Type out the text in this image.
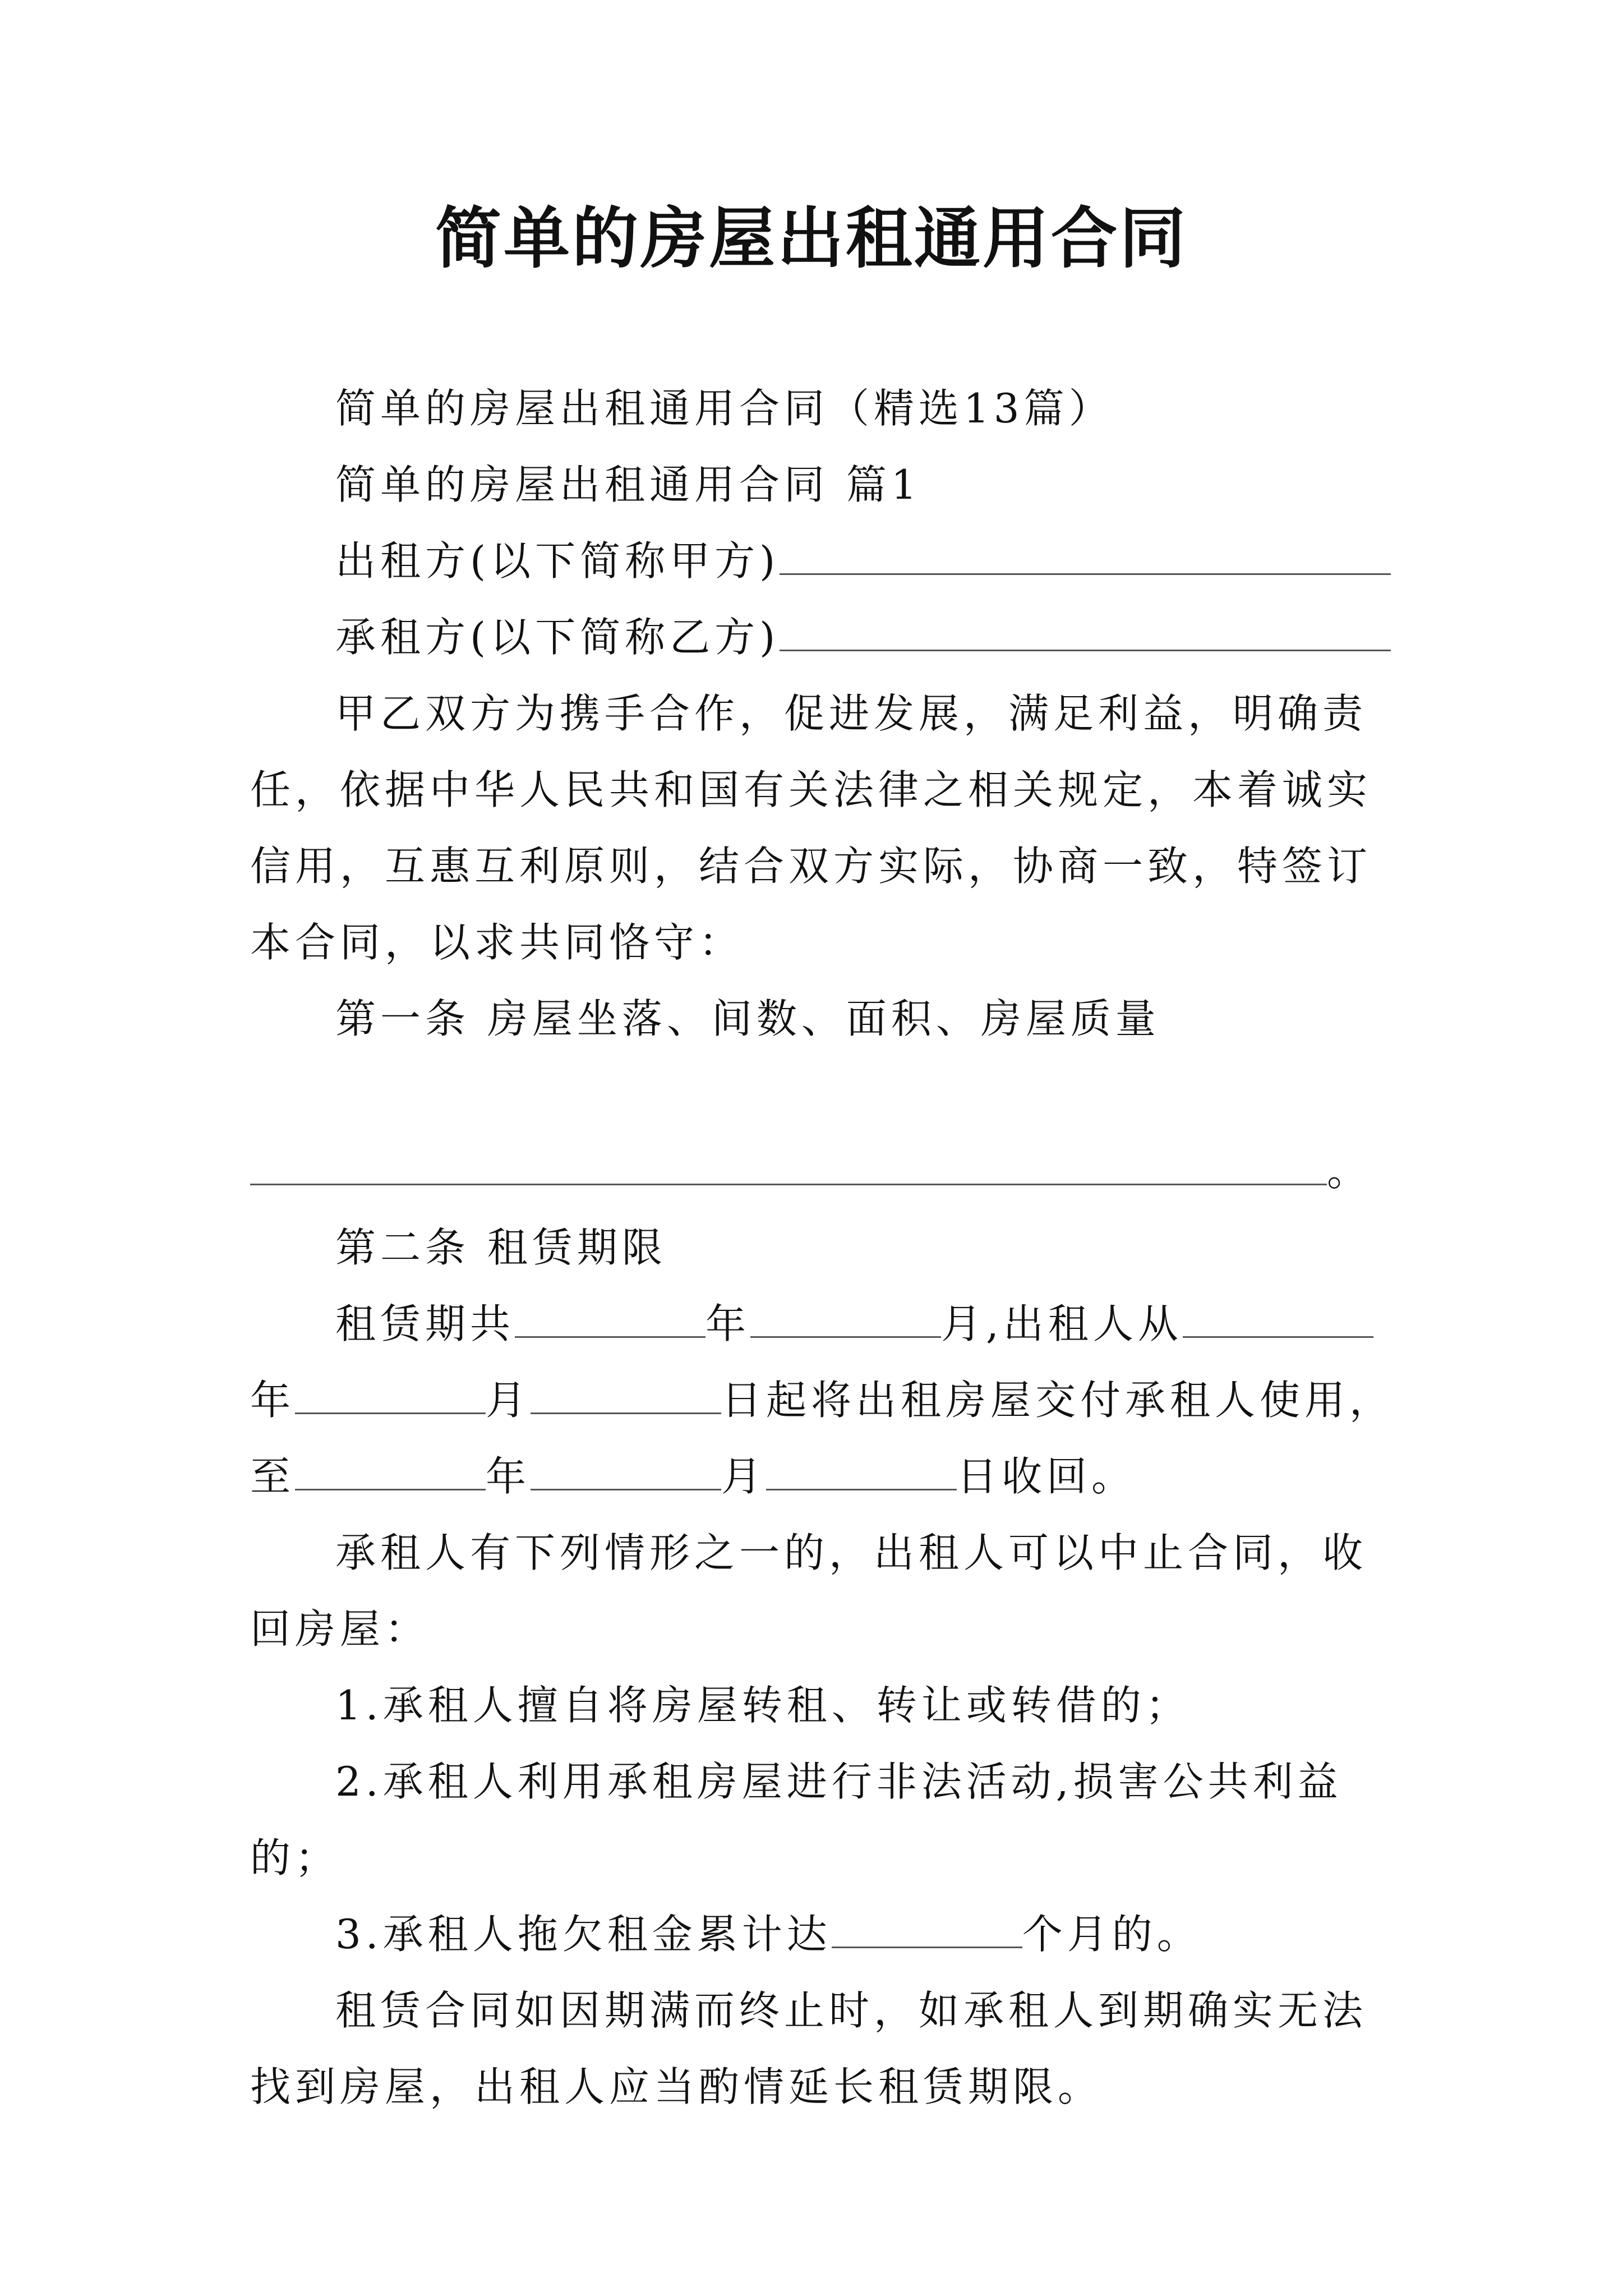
简单的房屋出租通用合同

简单的房屋出租通用合同（精选13篇）

简单的房屋出租通用合同 篇1

出租方(以下简称甲方)

承租方(以下简称乙方)

甲乙双方为携手合作，促进发展，满足利益，明确责任，依据中华人民共和国有关法律之相关规定，本着诚实信用，互惠互利原则，结合双方实际，协商一致，特签订本合同，以求共同恪守：

第一条 房屋坐落、间数、面积、房屋质量

。

第二条 租赁期限

租赁期共	年	月,出租人从年	月	日起将出租房屋交付承租人使用，至	年	月	日收回。

承租人有下列情形之一的，出租人可以中止合同，收回房屋：

1.承租人擅自将房屋转租、转让或转借的；

2.承租人利用承租房屋进行非法活动,损害公共利益的；

3.承租人拖欠租金累计达	个月的。

租赁合同如因期满而终止时，如承租人到期确实无法找到房屋，出租人应当酌情延长租赁期限。
